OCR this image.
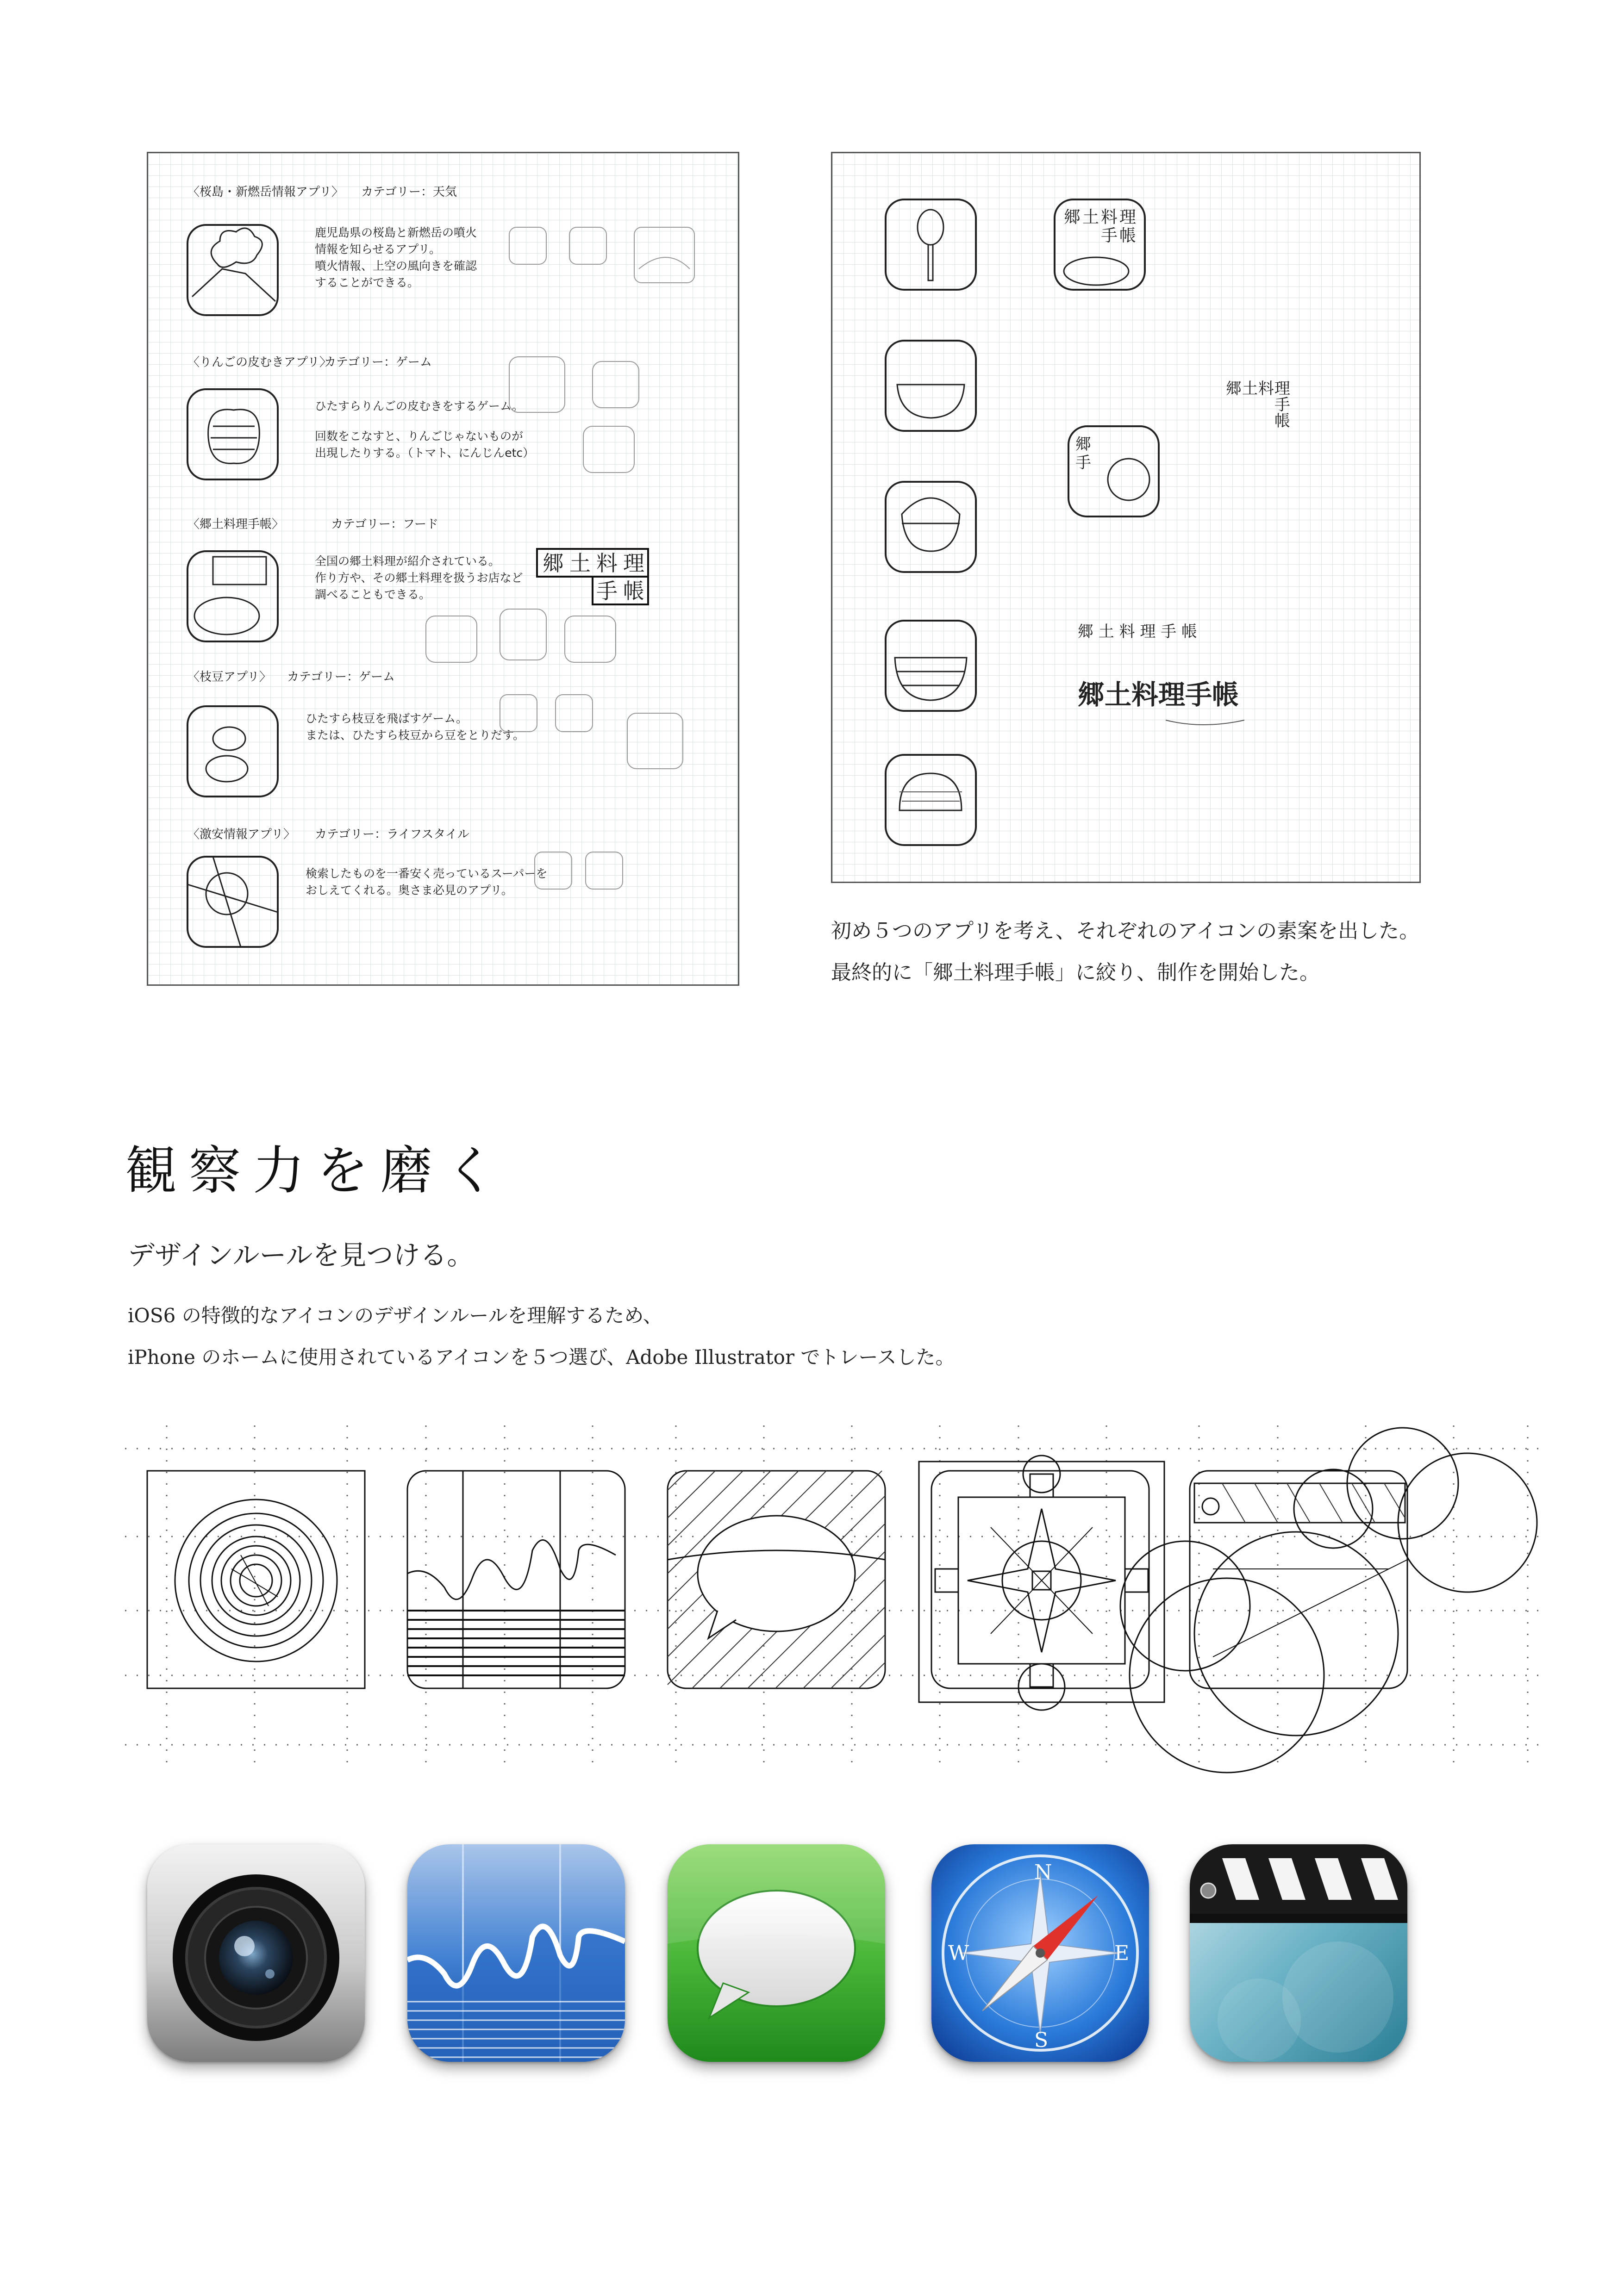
〈桜島・新燃岳情報アプリ〉 カテゴリー：天気
鹿児島県の桜島と新燃岳の噴火
情報を知らせるアプリ。
噴火情報、上空の風向きを確認
することができる。
〈りんごの皮むきアプリ〉
カテゴリー：ゲーム
ひたすらりんごの皮むきをするゲーム。
回数をこなすと、りんごじゃないものが
出現したりする。（トマト、にんじんetc）
〈郷土料理手帳〉	カテゴリー：フード
全国の郷土料理が紹介されている。
作り方や、その郷土料理を扱うお店など
調べることもできる。
郷 土 料 理
手 帳
〈枝豆アプリ〉 カテゴリー：ゲーム
ひたすら枝豆を飛ばすゲーム。
または、ひたすら枝豆から豆をとりだす。
〈激安情報アプリ〉 カテゴリー：ライフスタイル
検索したものを一番安く売っているスーパーを
おしえてくれる。奥さま必見のアプリ。
郷 土 料 理
手 帳
郷
手
郷 土 料 理
手
帳
郷 土 料 理 手 帳
郷土料理手帳
初め５つのアプリを考え、それぞれのアイコンの素案を出した。
最終的に「郷土料理手帳」に絞り、制作を開始した。
観察力を磨く
デザインルールを見つける。
iOS6 の特徴的なアイコンのデザインルールを理解するため、
iPhone のホームに使用されているアイコンを５つ選び、Adobe Illustrator でトレースした。
N
E
S
W
